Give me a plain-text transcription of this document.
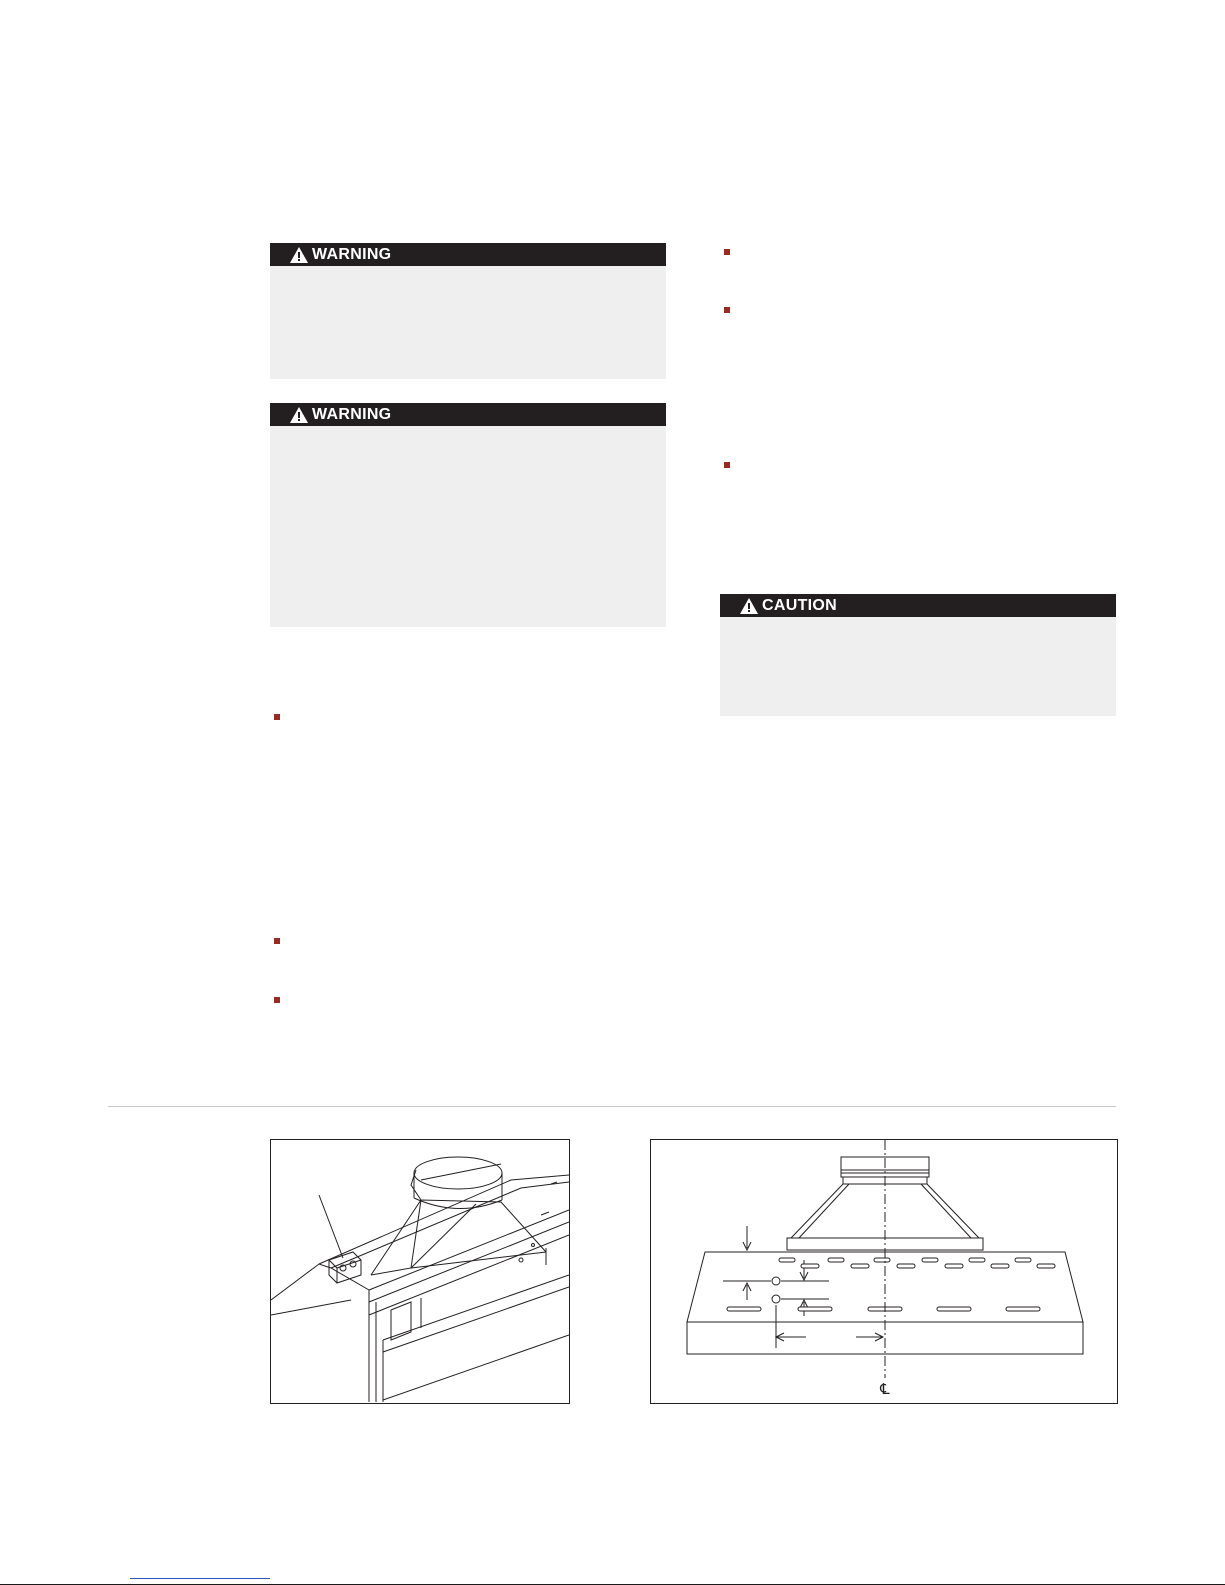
WARNING
WARNING
CAUTION
℄
